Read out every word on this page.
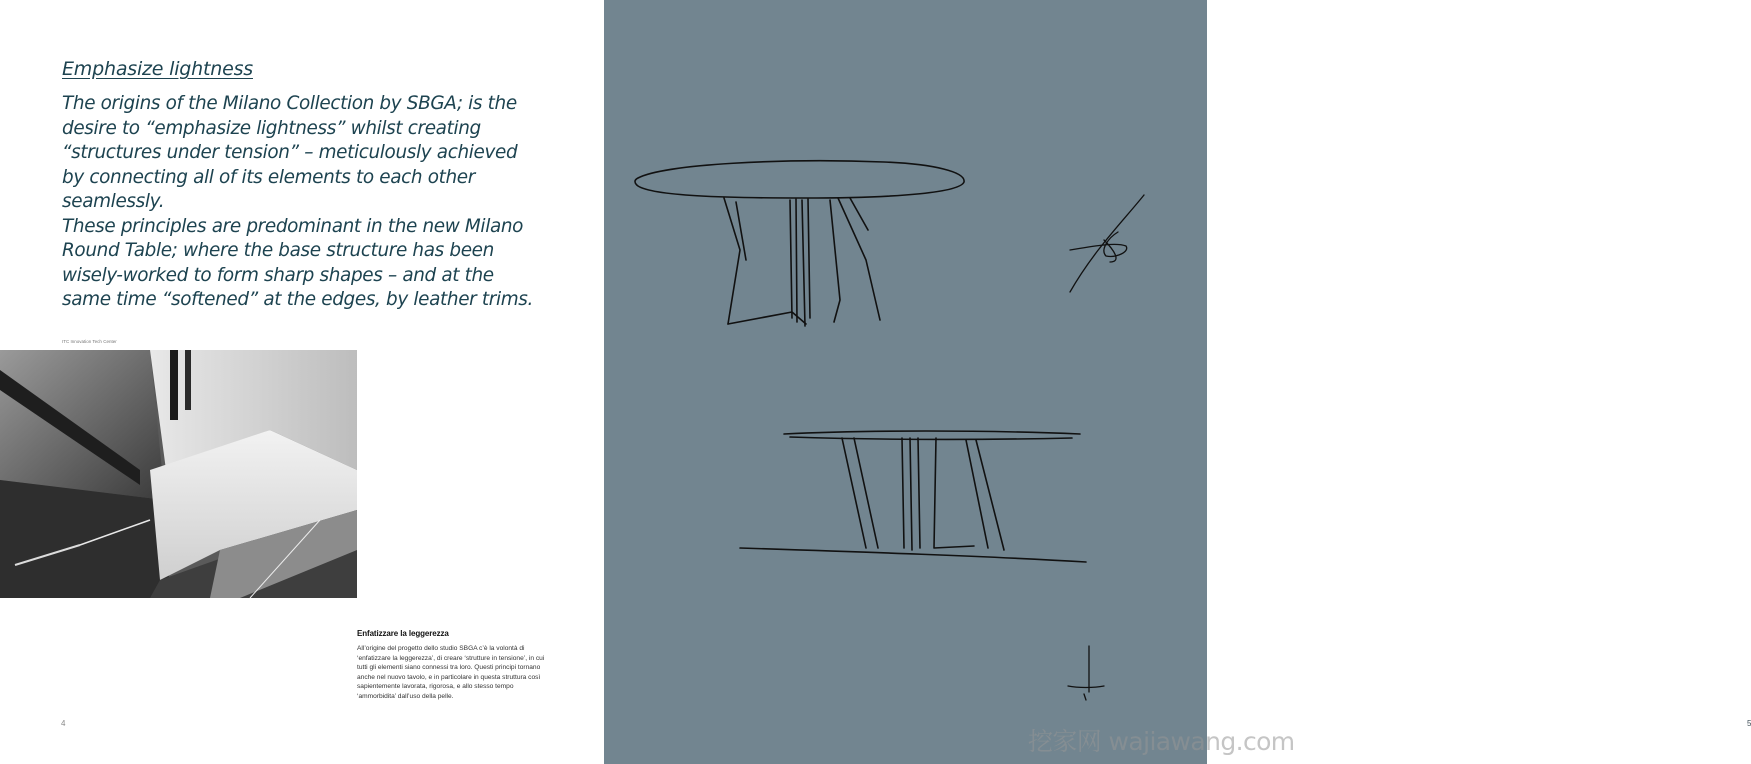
Emphasize lightness

The origins of the Milano Collection by SBGA; is the desire to “emphasize lightness” whilst creating “structures under tension” – meticulously achieved by connecting all of its elements to each other seamlessly.

These principles are predominant in the new Milano Round Table; where the base structure has been wisely-worked to form sharp shapes – and at the same time “softened” at the edges, by leather trims.

ITC Innovation Tech Center

Enfatizzare la leggerezza

All’origine del progetto dello studio SBGA c’è la volontà di ‘enfatizzare la leggerezza’, di creare ‘strutture in tensione’, in cui tutti gli elementi siano connessi tra loro. Questi principi tornano anche nel nuovo tavolo, e in particolare in questa struttura così sapientemente lavorata, rigorosa, e allo stesso tempo ‘ammorbidita’ dall’uso della pelle.

4	5
挖家网 wajiawang.com
